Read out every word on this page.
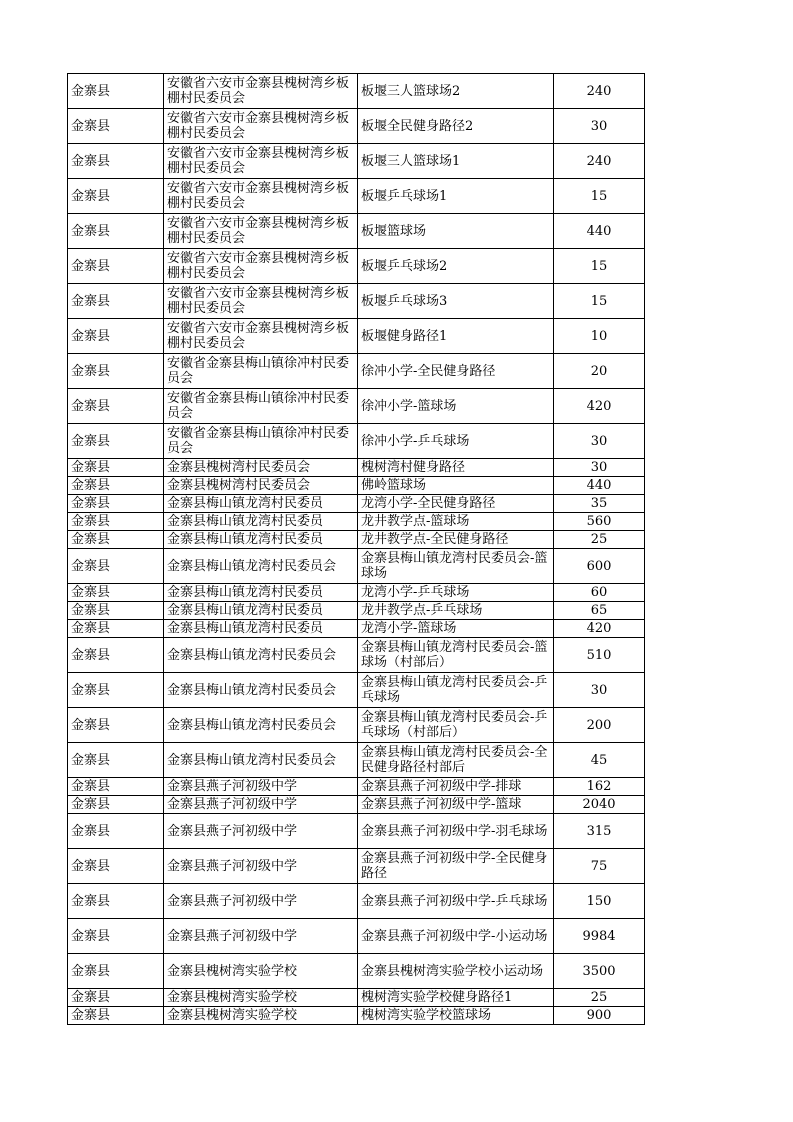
金寨县	安徽省六安市金寨县槐树湾乡板棚村民委员会	板堰三人篮球场2	240
金寨县	安徽省六安市金寨县槐树湾乡板棚村民委员会	板堰全民健身路径2	30
金寨县	安徽省六安市金寨县槐树湾乡板棚村民委员会	板堰三人篮球场1	240
金寨县	安徽省六安市金寨县槐树湾乡板棚村民委员会	板堰乒乓球场1	15
金寨县	安徽省六安市金寨县槐树湾乡板棚村民委员会	板堰篮球场	440
金寨县	安徽省六安市金寨县槐树湾乡板棚村民委员会	板堰乒乓球场2	15
金寨县	安徽省六安市金寨县槐树湾乡板棚村民委员会	板堰乒乓球场3	15
金寨县	安徽省六安市金寨县槐树湾乡板棚村民委员会	板堰健身路径1	10
金寨县	安徽省金寨县梅山镇徐冲村民委员会	徐冲小学-全民健身路径	20
金寨县	安徽省金寨县梅山镇徐冲村民委员会	徐冲小学-篮球场	420
金寨县	安徽省金寨县梅山镇徐冲村民委员会	徐冲小学-乒乓球场	30
金寨县	金寨县槐树湾村民委员会	槐树湾村健身路径	30
金寨县	金寨县槐树湾村民委员会	佛岭篮球场	440
金寨县	金寨县梅山镇龙湾村民委员	龙湾小学-全民健身路径	35
金寨县	金寨县梅山镇龙湾村民委员	龙井教学点-篮球场	560
金寨县	金寨县梅山镇龙湾村民委员	龙井教学点-全民健身路径	25
金寨县	金寨县梅山镇龙湾村民委员会	金寨县梅山镇龙湾村民委员会-篮球场	600
金寨县	金寨县梅山镇龙湾村民委员	龙湾小学-乒乓球场	60
金寨县	金寨县梅山镇龙湾村民委员	龙井教学点-乒乓球场	65
金寨县	金寨县梅山镇龙湾村民委员	龙湾小学-篮球场	420
金寨县	金寨县梅山镇龙湾村民委员会	金寨县梅山镇龙湾村民委员会-篮球场（村部后）	510
金寨县	金寨县梅山镇龙湾村民委员会	金寨县梅山镇龙湾村民委员会-乒乓球场	30
金寨县	金寨县梅山镇龙湾村民委员会	金寨县梅山镇龙湾村民委员会-乒乓球场（村部后）	200
金寨县	金寨县梅山镇龙湾村民委员会	金寨县梅山镇龙湾村民委员会-全民健身路径村部后	45
金寨县	金寨县燕子河初级中学	金寨县燕子河初级中学-排球	162
金寨县	金寨县燕子河初级中学	金寨县燕子河初级中学-篮球	2040
金寨县	金寨县燕子河初级中学	金寨县燕子河初级中学-羽毛球场	315
金寨县	金寨县燕子河初级中学	金寨县燕子河初级中学-全民健身路径	75
金寨县	金寨县燕子河初级中学	金寨县燕子河初级中学-乒乓球场	150
金寨县	金寨县燕子河初级中学	金寨县燕子河初级中学-小运动场	9984
金寨县	金寨县槐树湾实验学校	金寨县槐树湾实验学校小运动场	3500
金寨县	金寨县槐树湾实验学校	槐树湾实验学校健身路径1	25
金寨县	金寨县槐树湾实验学校	槐树湾实验学校篮球场	900
